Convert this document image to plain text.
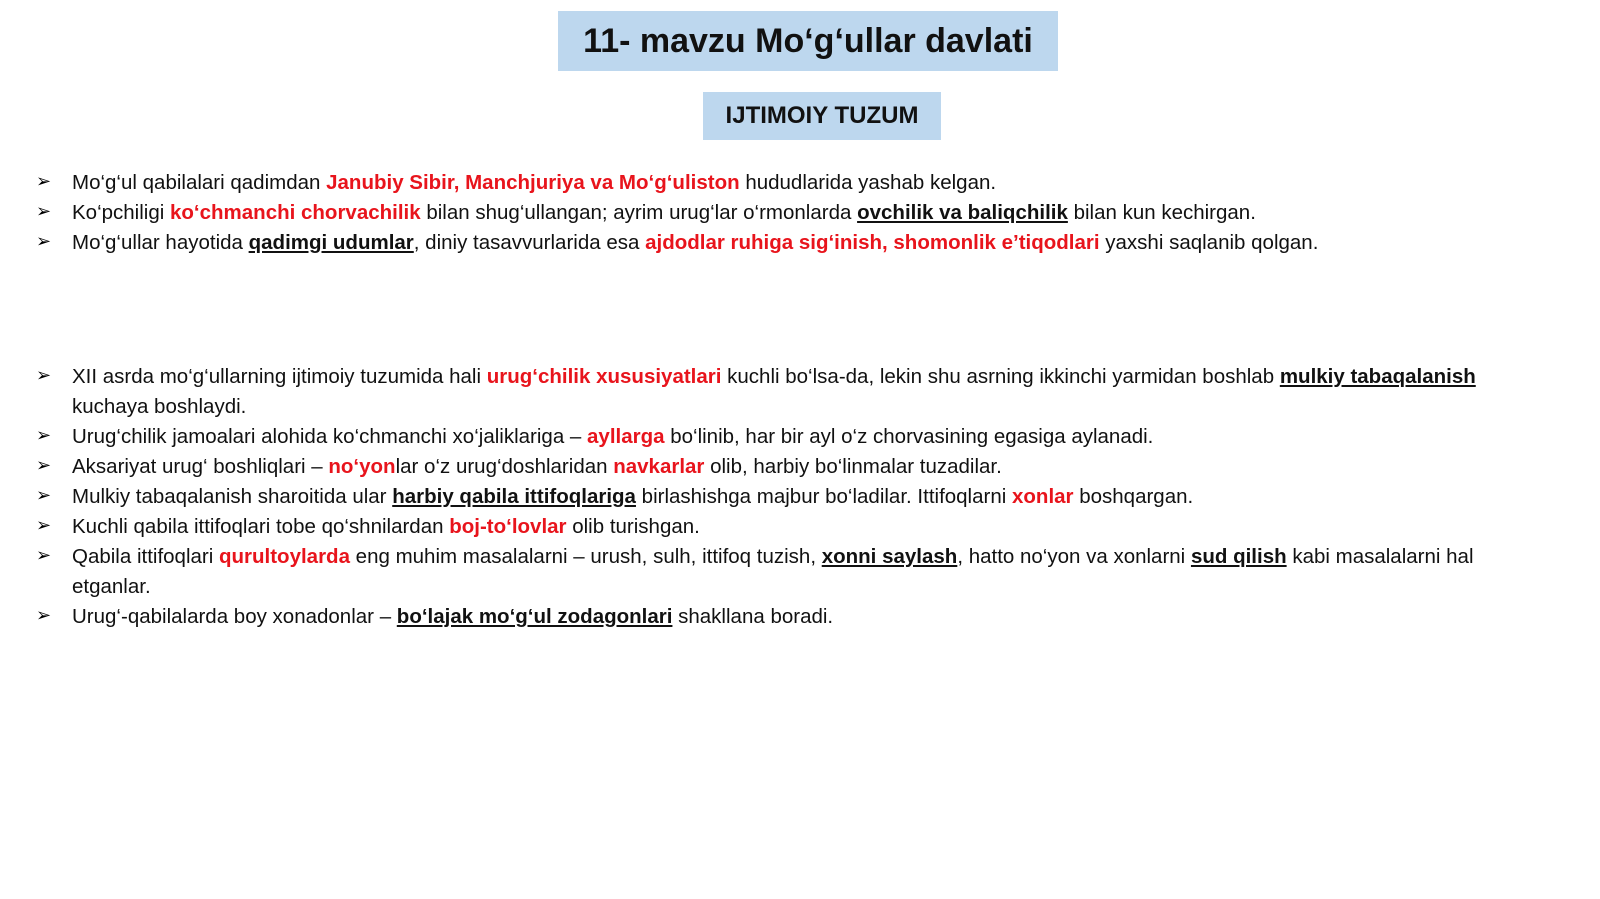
11- mavzu Mo‘g‘ullar davlati
IJTIMOIY TUZUM
➢	Mo‘g‘ul qabilalari qadimdan Janubiy Sibir, Manchjuriya va Mo‘g‘uliston hududlarida yashab kelgan.
➢	Ko‘pchiligi ko‘chmanchi chorvachilik bilan shug‘ullangan; ayrim urug‘lar o‘rmonlarda ovchilik va baliqchilik bilan kun kechirgan.
➢	Mo‘g‘ullar hayotida qadimgi udumlar, diniy tasavvurlarida esa ajdodlar ruhiga sig‘inish, shomonlik e’tiqodlari yaxshi saqlanib qolgan.
➢	XII asrda mo‘g‘ullarning ijtimoiy tuzumida hali urug‘chilik xususiyatlari kuchli bo‘lsa-da, lekin shu asrning ikkinchi yarmidan boshlab mulkiy tabaqalanish kuchaya boshlaydi.
➢	Urug‘chilik jamoalari alohida ko‘chmanchi xo‘jaliklariga – ayllarga bo‘linib, har bir ayl o‘z chorvasining egasiga aylanadi.
➢	Aksariyat urug‘ boshliqlari – no‘yonlar o‘z urug‘doshlaridan navkarlar olib, harbiy bo‘linmalar tuzadilar.
➢	Mulkiy tabaqalanish sharoitida ular harbiy qabila ittifoqlariga birlashishga majbur bo‘ladilar. Ittifoqlarni xonlar boshqargan.
➢	Kuchli qabila ittifoqlari tobe qo‘shnilardan boj-to‘lovlar olib turishgan.
➢	Qabila ittifoqlari qurultoylarda eng muhim masalalarni – urush, sulh, ittifoq tuzish, xonni saylash, hatto no‘yon va xonlarni sud qilish kabi masalalarni hal etganlar.
➢	Urug‘-qabilalarda boy xonadonlar – bo‘lajak mo‘g‘ul zodagonlari shakllana boradi.
